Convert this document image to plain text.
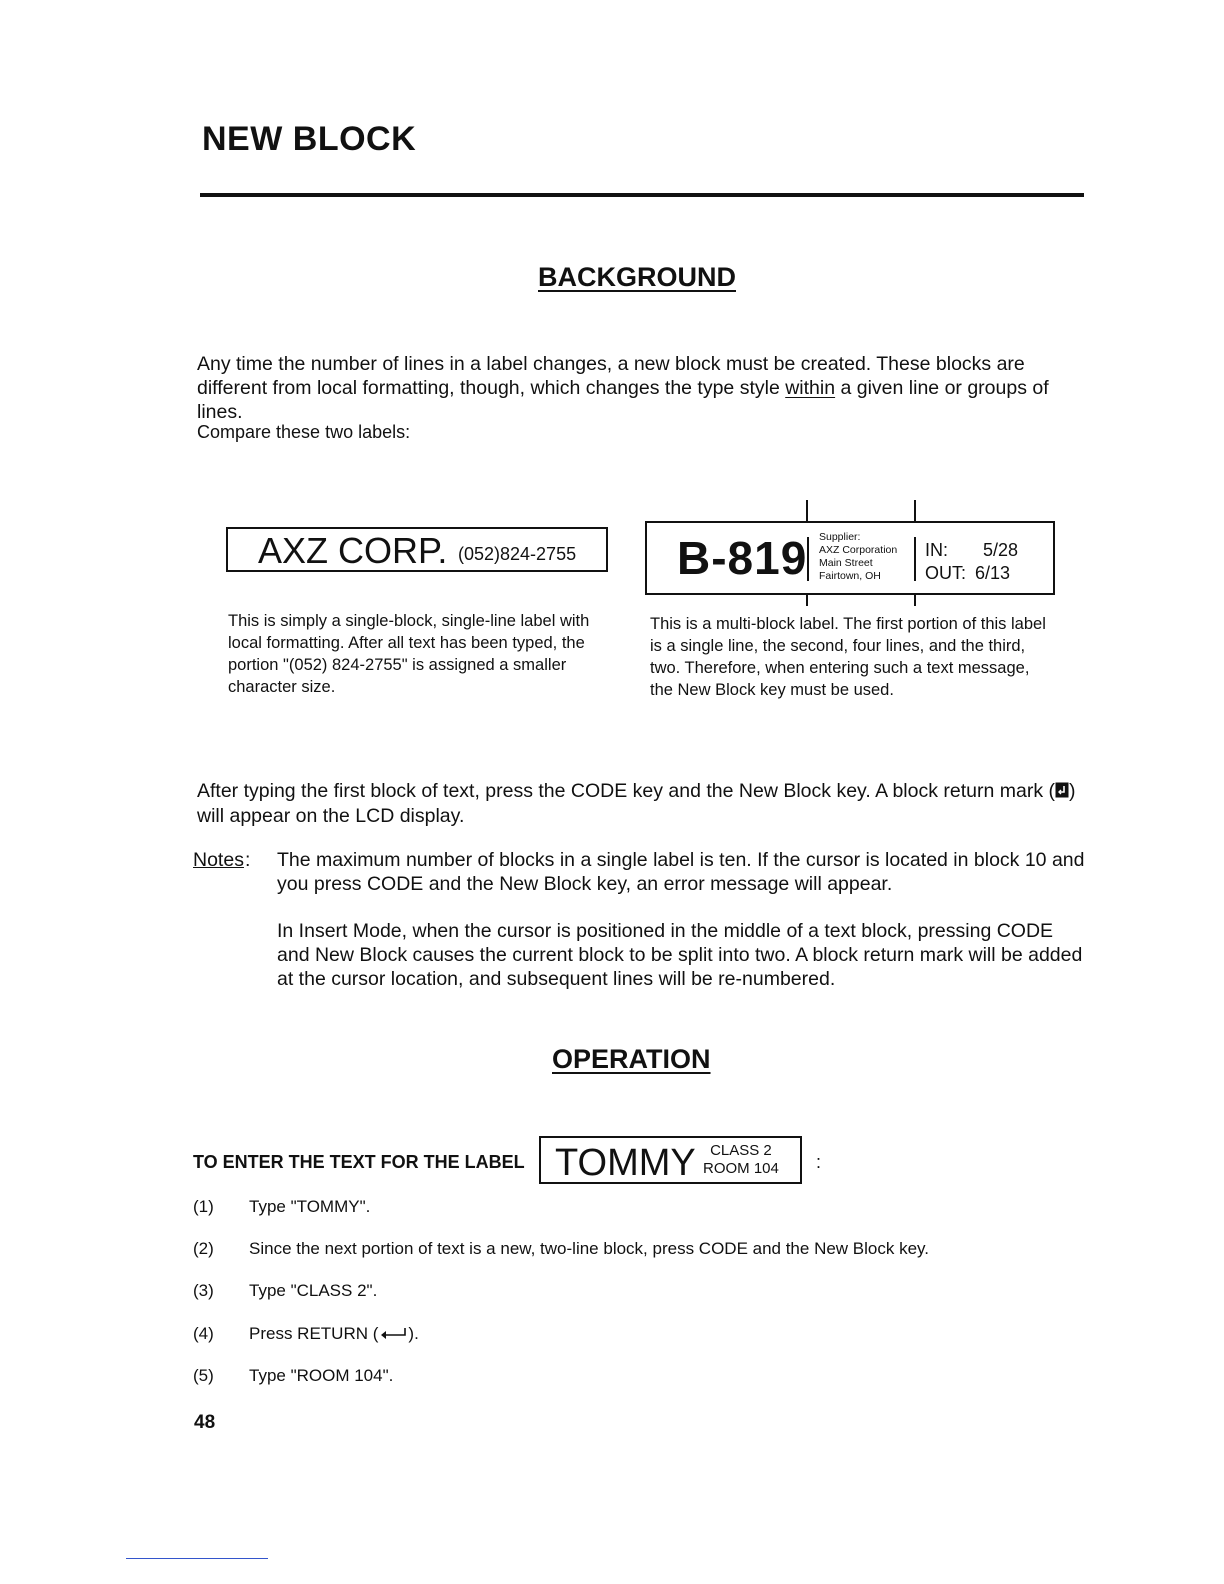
NEW BLOCK
BACKGROUND

Any time the number of lines in a label changes, a new block must be created. These blocks are different from local formatting, though, which changes the type style within a given line or groups of lines.

Compare these two labels:
AXZ CORP. (052)824-2755
This is simply a single-block, single-line label with local formatting. After all text has been typed, the portion "(052) 824-2755" is assigned a smaller character size.
B-819 Supplier:
AXZ Corporation
Main Street
Fairtown, OH
IN: 5/28
OUT: 6/13
This is a multi-block label. The first portion of this label is a single line, the second, four lines, and the third, two. Therefore, when entering such a text message, the New Block key must be used.

After typing the first block of text, press the CODE key and the New Block key. A block return mark ( ) will appear on the LCD display.

Notes : The maximum number of blocks in a single label is ten. If the cursor is located in block 10 and you press CODE and the New Block key, an error message will appear.
In Insert Mode, when the cursor is positioned in the middle of a text block, pressing CODE and New Block causes the current block to be split into two. A block return mark will be added at the cursor location, and subsequent lines will be re-numbered.
OPERATION
TO ENTER THE TEXT FOR THE LABEL TOMMY CLASS 2
ROOM 104 :
(1) Type "TOMMY".
(2) Since the next portion of text is a new, two-line block, press CODE and the New Block key.
(3) Type "CLASS 2".
(4) Press RETURN ( ).
(5) Type "ROOM 104".
48
